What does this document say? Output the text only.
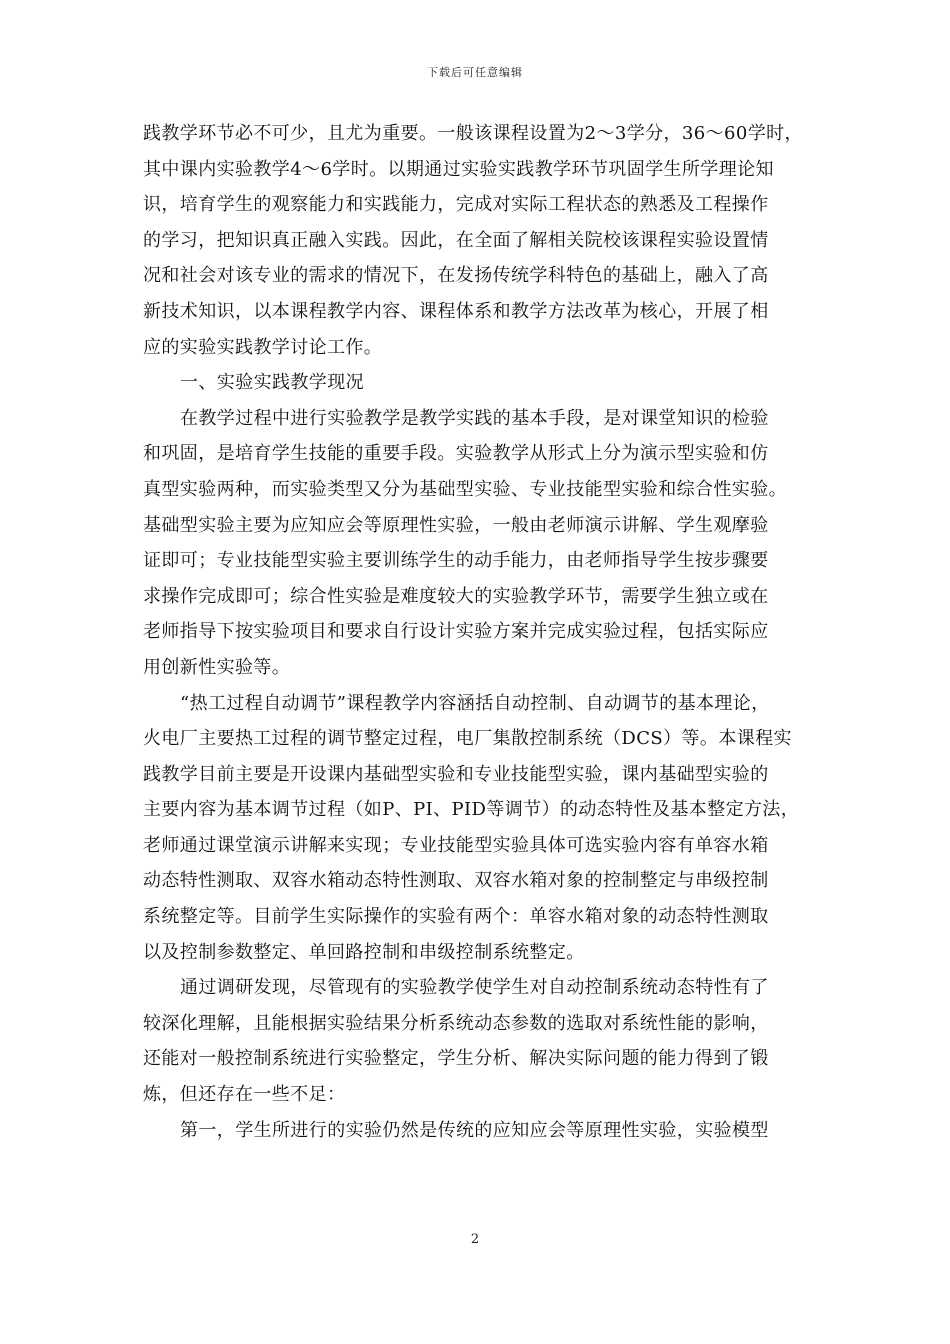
下载后可任意编辑
践教学环节必不可少，且尤为重要。一般该课程设置为2～3学分，36～60学时，
其中课内实验教学4～6学时。以期通过实验实践教学环节巩固学生所学理论知
识，培育学生的观察能力和实践能力，完成对实际工程状态的熟悉及工程操作
的学习，把知识真正融入实践。因此，在全面了解相关院校该课程实验设置情
况和社会对该专业的需求的情况下，在发扬传统学科特色的基础上，融入了高
新技术知识，以本课程教学内容、课程体系和教学方法改革为核心，开展了相
应的实验实践教学讨论工作。
一、实验实践教学现况
在教学过程中进行实验教学是教学实践的基本手段，是对课堂知识的检验
和巩固，是培育学生技能的重要手段。实验教学从形式上分为演示型实验和仿
真型实验两种，而实验类型又分为基础型实验、专业技能型实验和综合性实验。
基础型实验主要为应知应会等原理性实验，一般由老师演示讲解、学生观摩验
证即可；专业技能型实验主要训练学生的动手能力，由老师指导学生按步骤要
求操作完成即可；综合性实验是难度较大的实验教学环节，需要学生独立或在
老师指导下按实验项目和要求自行设计实验方案并完成实验过程，包括实际应
用创新性实验等。
“热工过程自动调节”课程教学内容涵括自动控制、自动调节的基本理论，
火电厂主要热工过程的调节整定过程，电厂集散控制系统（DCS）等。本课程实
践教学目前主要是开设课内基础型实验和专业技能型实验，课内基础型实验的
主要内容为基本调节过程（如P、PI、PID等调节）的动态特性及基本整定方法，
老师通过课堂演示讲解来实现；专业技能型实验具体可选实验内容有单容水箱
动态特性测取、双容水箱动态特性测取、双容水箱对象的控制整定与串级控制
系统整定等。目前学生实际操作的实验有两个：单容水箱对象的动态特性测取
以及控制参数整定、单回路控制和串级控制系统整定。
通过调研发现，尽管现有的实验教学使学生对自动控制系统动态特性有了
较深化理解，且能根据实验结果分析系统动态参数的选取对系统性能的影响，
还能对一般控制系统进行实验整定，学生分析、解决实际问题的能力得到了锻
炼，但还存在一些不足：
第一，学生所进行的实验仍然是传统的应知应会等原理性实验，实验模型
2
